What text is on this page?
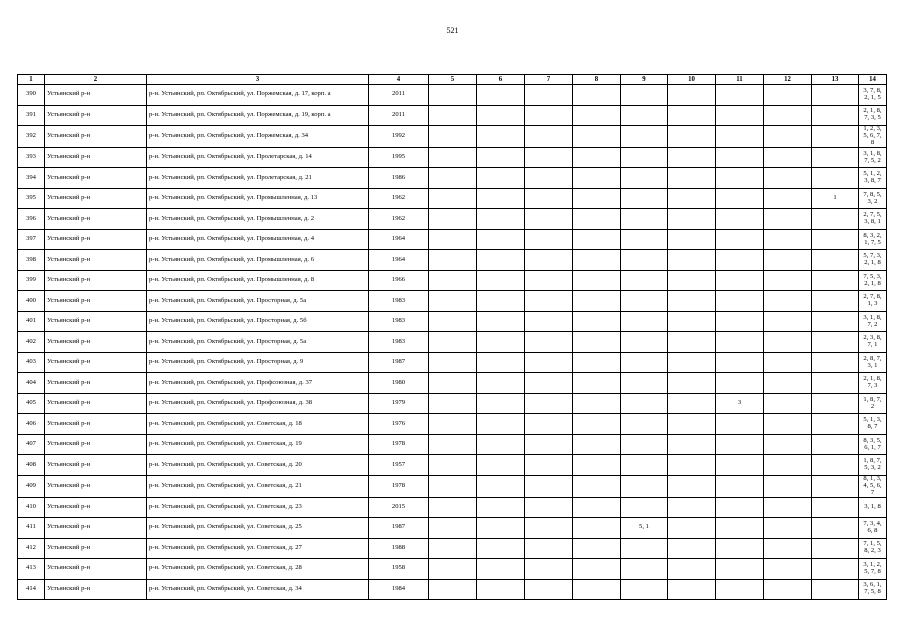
521
1	2	3	4	5	6	7	8	9	10	11	12	13	14
390	Устьянский р-н	р-н. Устьянский, рп. Октябрьский, ул. Поржемская, д. 17, корп. а	2011										3, 7, 8, 2, 1, 5
391	Устьянский р-н	р-н. Устьянский, рп. Октябрьский, ул. Поржемская, д. 19, корп. а	2011										2, 1, 8, 7, 3, 5
392	Устьянский р-н	р-н. Устьянский, рп. Октябрьский, ул. Поржемская, д. 34	1992										1, 2, 3, 5, 6, 7, 8
393	Устьянский р-н	р-н. Устьянский, рп. Октябрьский, ул. Пролетарская, д. 14	1995										3, 1, 8, 7, 5, 2
394	Устьянский р-н	р-н. Устьянский, рп. Октябрьский, ул. Пролетарская, д. 21	1986										5, 1, 2, 3, 8, 7
395	Устьянский р-н	р-н. Устьянский, рп. Октябрьский, ул. Промышленная, д. 13	1962									1	7, 8, 5, 3, 2
396	Устьянский р-н	р-н. Устьянский, рп. Октябрьский, ул. Промышленная, д. 2	1962										2, 7, 5, 3, 8, 1
397	Устьянский р-н	р-н. Устьянский, рп. Октябрьский, ул. Промышленная, д. 4	1964										8, 3, 2, 1, 7, 5
398	Устьянский р-н	р-н. Устьянский, рп. Октябрьский, ул. Промышленная, д. 6	1964										5, 7, 3, 2, 1, 8
399	Устьянский р-н	р-н. Устьянский, рп. Октябрьский, ул. Промышленная, д. 8	1966										7, 5, 3, 2, 1, 8
400	Устьянский р-н	р-н. Устьянский, рп. Октябрьский, ул. Просторная, д. 5а	1983										2, 7, 8, 1, 3
401	Устьянский р-н	р-н. Устьянский, рп. Октябрьский, ул. Просторная, д. 5б	1983										3, 1, 8, 7, 2
402	Устьянский р-н	р-н. Устьянский, рп. Октябрьский, ул. Просторная, д. 5а	1983										2, 3, 8, 7, 1
403	Устьянский р-н	р-н. Устьянский, рп. Октябрьский, ул. Просторная, д. 9	1987										2, 8, 7, 3, 1
404	Устьянский р-н	р-н. Устьянский, рп. Октябрьский, ул. Профсоюзная, д. 37	1980										2, 1, 8, 7, 3
405	Устьянский р-н	р-н. Устьянский, рп. Октябрьский, ул. Профсоюзная, д. 38	1979							3			1, 8, 7, 2
406	Устьянский р-н	р-н. Устьянский, рп. Октябрьский, ул. Советская, д. 18	1976										5, 1, 3, 8, 7
407	Устьянский р-н	р-н. Устьянский, рп. Октябрьский, ул. Советская, д. 19	1978										8, 3, 5, 6, 1, 7
408	Устьянский р-н	р-н. Устьянский, рп. Октябрьский, ул. Советская, д. 20	1957										1, 8, 7, 5, 3, 2
409	Устьянский р-н	р-н. Устьянский, рп. Октябрьский, ул. Советская, д. 21	1978										8, 1, 3, 4, 5, 6, 7
410	Устьянский р-н	р-н. Устьянский, рп. Октябрьский, ул. Советская, д. 23	2015										3, 1, 8
411	Устьянский р-н	р-н. Устьянский, рп. Октябрьский, ул. Советская, д. 25	1987					5, 1					7, 3, 4, 6, 8
412	Устьянский р-н	р-н. Устьянский, рп. Октябрьский, ул. Советская, д. 27	1988										7, 1, 5, 8, 2, 3
413	Устьянский р-н	р-н. Устьянский, рп. Октябрьский, ул. Советская, д. 28	1958										3, 1, 2, 5, 7, 8
414	Устьянский р-н	р-н. Устьянский, рп. Октябрьский, ул. Советская, д. 34	1984										3, 6, 1, 7, 5, 8
